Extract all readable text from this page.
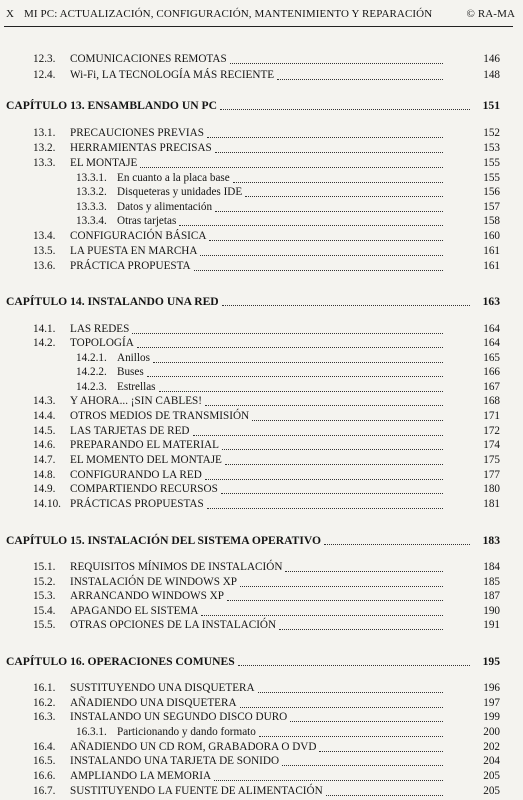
X MI PC: ACTUALIZACIÓN, CONFIGURACIÓN, MANTENIMIENTO Y REPARACIÓN	© RA-MA
12.3. COMUNICACIONES REMOTAS	146
12.4. Wi-Fi, LA TECNOLOGÍA MÁS RECIENTE	148
CAPÍTULO 13. ENSAMBLANDO UN PC	151
13.1. PRECAUCIONES PREVIAS	152
13.2. HERRAMIENTAS PRECISAS	153
13.3. EL MONTAJE	155
13.3.1. En cuanto a la placa base	155
13.3.2. Disqueteras y unidades IDE	156
13.3.3. Datos y alimentación	157
13.3.4. Otras tarjetas	158
13.4. CONFIGURACIÓN BÁSICA	160
13.5. LA PUESTA EN MARCHA	161
13.6. PRÁCTICA PROPUESTA	161
CAPÍTULO 14. INSTALANDO UNA RED	163
14.1. LAS REDES	164
14.2. TOPOLOGÍA	164
14.2.1. Anillos	165
14.2.2. Buses	166
14.2.3. Estrellas	167
14.3. Y AHORA... ¡SIN CABLES!	168
14.4. OTROS MEDIOS DE TRANSMISIÓN	171
14.5. LAS TARJETAS DE RED	172
14.6. PREPARANDO EL MATERIAL	174
14.7. EL MOMENTO DEL MONTAJE	175
14.8. CONFIGURANDO LA RED	177
14.9. COMPARTIENDO RECURSOS	180
14.10. PRÁCTICAS PROPUESTAS	181
CAPÍTULO 15. INSTALACIÓN DEL SISTEMA OPERATIVO	183
15.1. REQUISITOS MÍNIMOS DE INSTALACIÓN	184
15.2. INSTALACIÓN DE WINDOWS XP	185
15.3. ARRANCANDO WINDOWS XP	187
15.4. APAGANDO EL SISTEMA	190
15.5. OTRAS OPCIONES DE LA INSTALACIÓN	191
CAPÍTULO 16. OPERACIONES COMUNES	195
16.1. SUSTITUYENDO UNA DISQUETERA	196
16.2. AÑADIENDO UNA DISQUETERA	197
16.3. INSTALANDO UN SEGUNDO DISCO DURO	199
16.3.1. Particionando y dando formato	200
16.4. AÑADIENDO UN CD ROM, GRABADORA O DVD	202
16.5. INSTALANDO UNA TARJETA DE SONIDO	204
16.6. AMPLIANDO LA MEMORIA	205
16.7. SUSTITUYENDO LA FUENTE DE ALIMENTACIÓN	205
